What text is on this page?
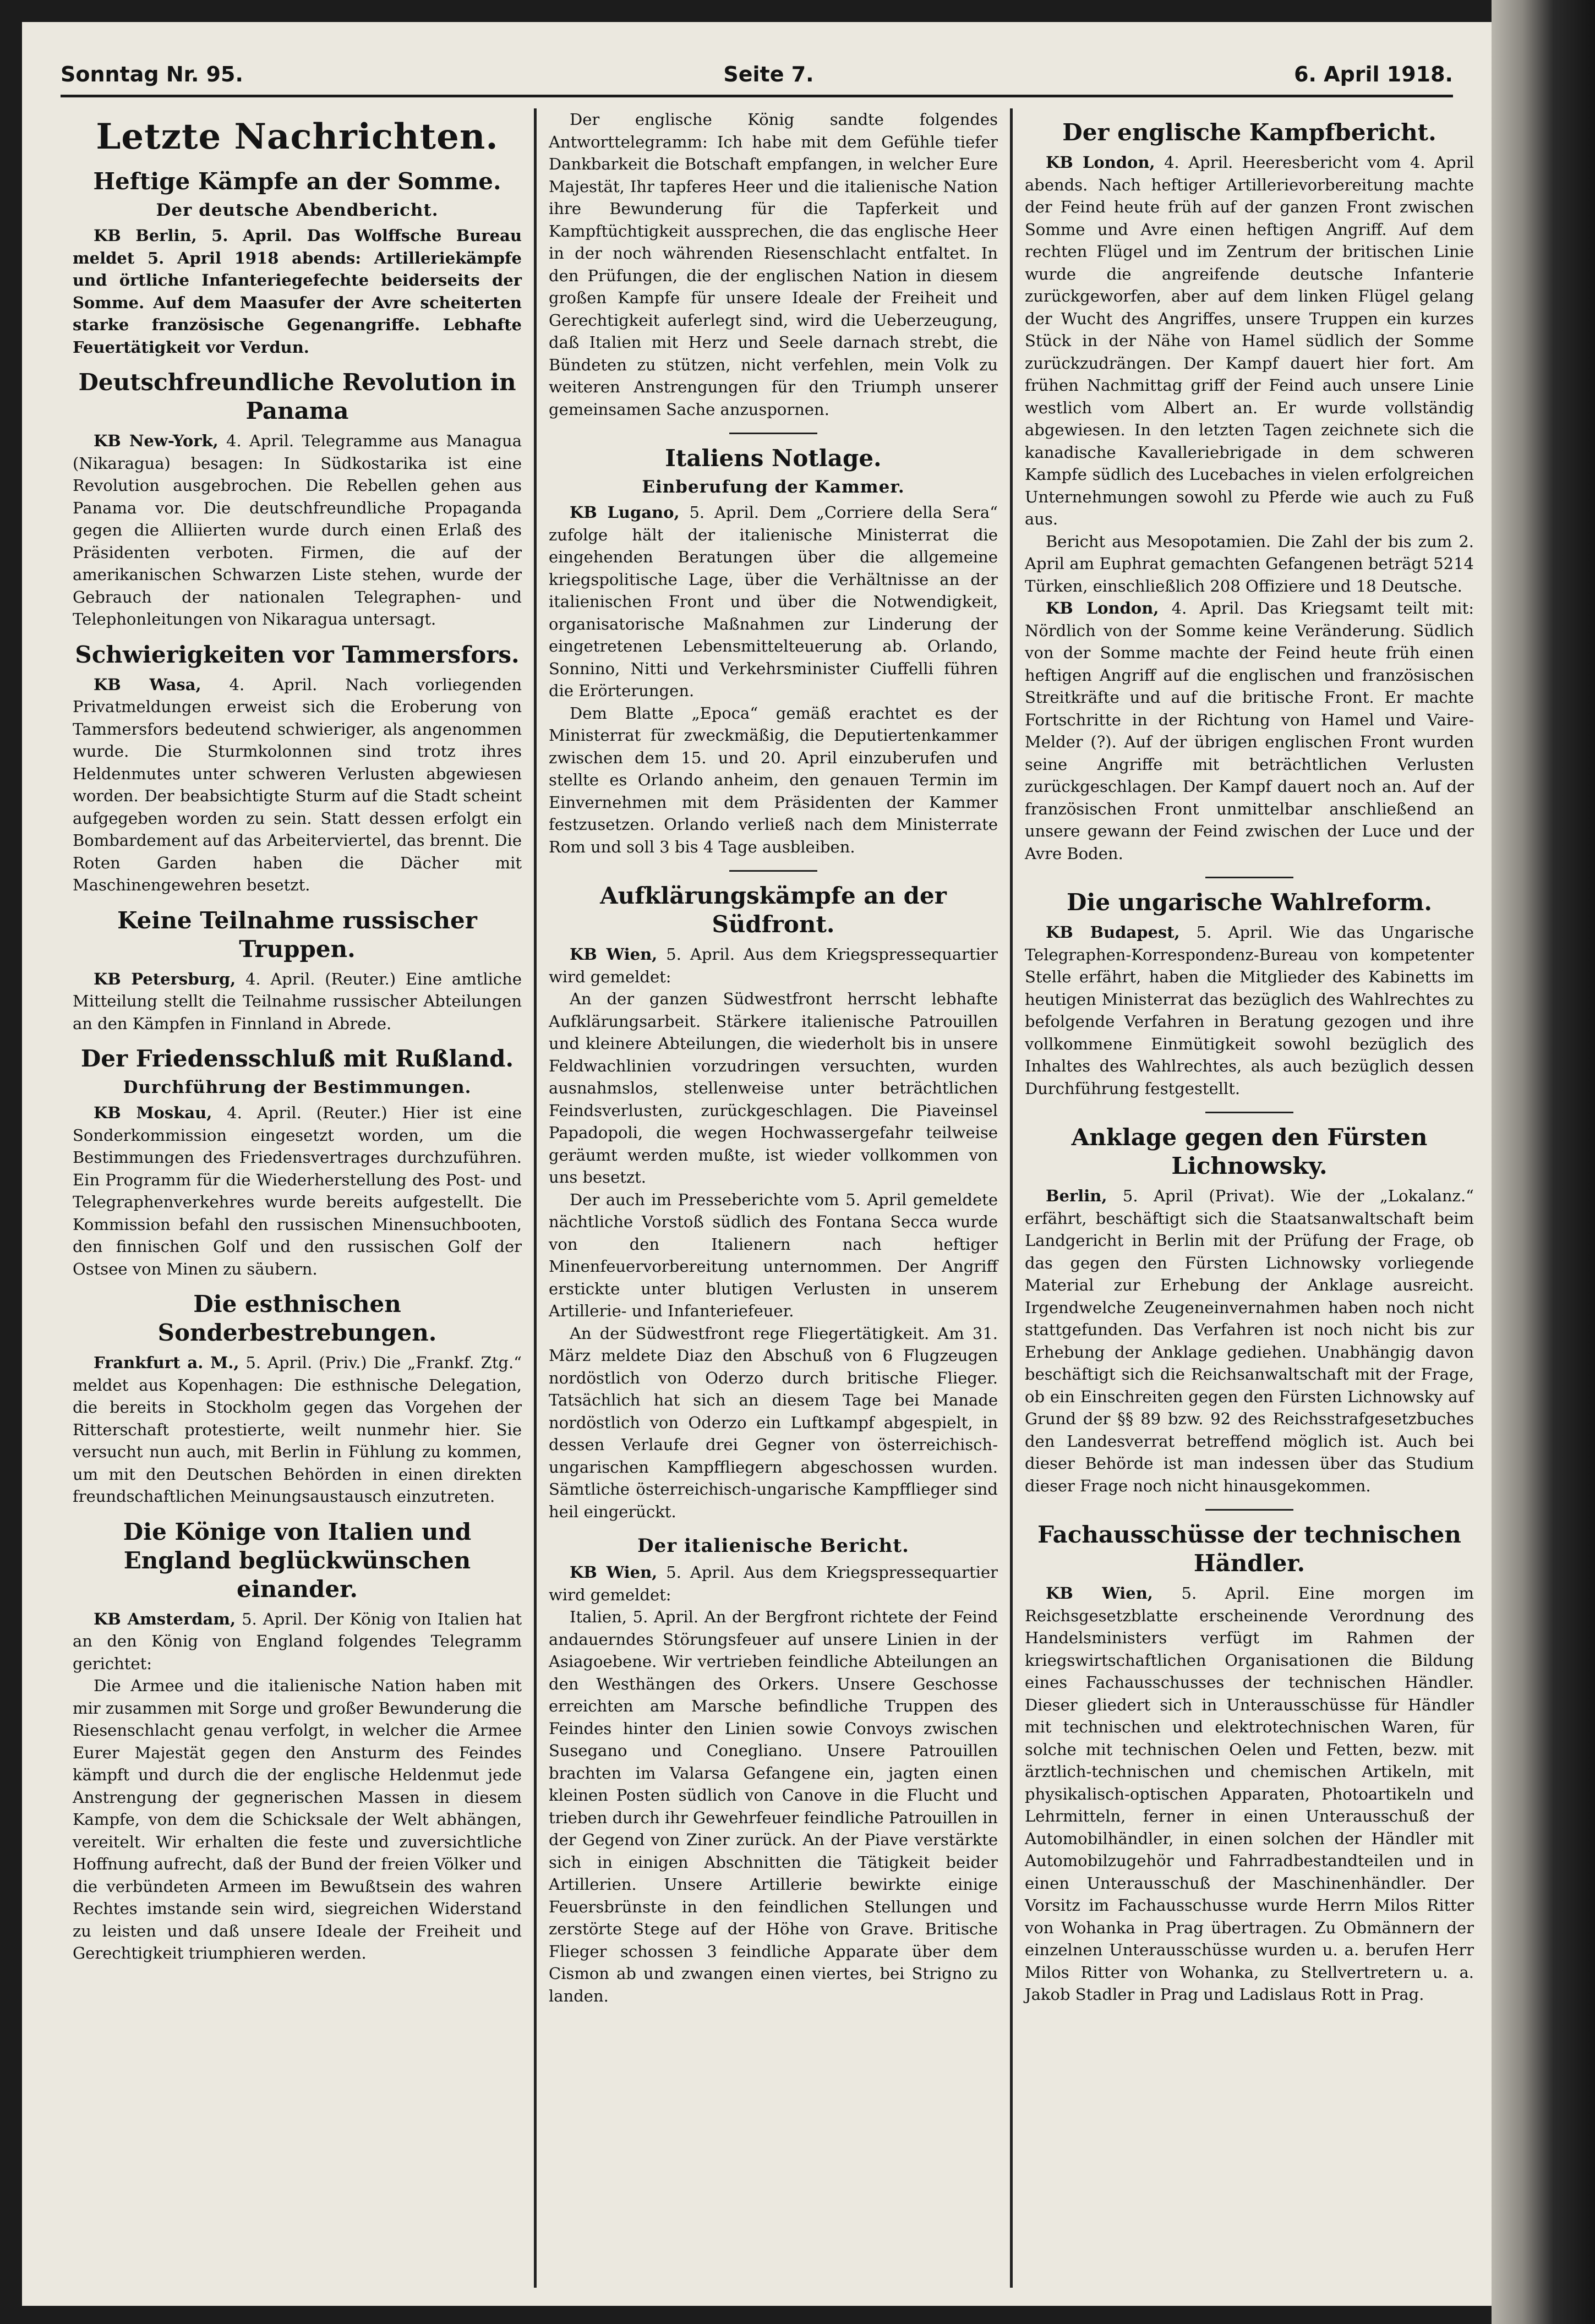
Sonntag Nr. 95.	Seite 7.	6. April 1918.
Letzte Nachrichten.
Heftige Kämpfe an der Somme.
Der deutsche Abendbericht.

KB Berlin, 5. April. Das Wolffsche Bureau meldet 5. April 1918 abends: Artilleriekämpfe und örtliche Infanteriegefechte beiderseits der Somme. Auf dem Maasufer der Avre scheiterten starke französische Gegenangriffe. Lebhafte Feuertätigkeit vor Verdun.

Deutschfreundliche Revolution in Panama

KB New-York, 4. April. Telegramme aus Managua (Nikaragua) besagen: In Südkostarika ist eine Revolution ausgebrochen. Die Rebellen gehen aus Panama vor. Die deutschfreundliche Propaganda gegen die Alliierten wurde durch einen Erlaß des Präsidenten verboten. Firmen, die auf der amerikanischen Schwarzen Liste stehen, wurde der Gebrauch der nationalen Telegraphen- und Telephonleitungen von Nikaragua untersagt.

Schwierigkeiten vor Tammersfors.

KB Wasa, 4. April. Nach vorliegenden Privatmeldungen erweist sich die Eroberung von Tammersfors bedeutend schwieriger, als angenommen wurde. Die Sturmkolonnen sind trotz ihres Heldenmutes unter schweren Verlusten abgewiesen worden. Der beabsichtigte Sturm auf die Stadt scheint aufgegeben worden zu sein. Statt dessen erfolgt ein Bombardement auf das Arbeiterviertel, das brennt. Die Roten Garden haben die Dächer mit Maschinengewehren besetzt.

Keine Teilnahme russischer Truppen.

KB Petersburg, 4. April. (Reuter.) Eine amtliche Mitteilung stellt die Teilnahme russischer Abteilungen an den Kämpfen in Finnland in Abrede.

Der Friedensschluß mit Rußland.
Durchführung der Bestimmungen.

KB Moskau, 4. April. (Reuter.) Hier ist eine Sonderkommission eingesetzt worden, um die Bestimmungen des Friedensvertrages durchzuführen. Ein Programm für die Wiederherstellung des Post- und Telegraphenverkehres wurde bereits aufgestellt. Die Kommission befahl den russischen Minensuchbooten, den finnischen Golf und den russischen Golf der Ostsee von Minen zu säubern.

Die esthnischen Sonderbestrebungen.

Frankfurt a. M., 5. April. (Priv.) Die „Frankf. Ztg.“ meldet aus Kopenhagen: Die esthnische Delegation, die bereits in Stockholm gegen das Vorgehen der Ritterschaft protestierte, weilt nunmehr hier. Sie versucht nun auch, mit Berlin in Fühlung zu kommen, um mit den Deutschen Behörden in einen direkten freundschaftlichen Meinungsaustausch einzutreten.

Die Könige von Italien und England beglückwünschen einander.

KB Amsterdam, 5. April. Der König von Italien hat an den König von England folgendes Telegramm gerichtet:

Die Armee und die italienische Nation haben mit mir zusammen mit Sorge und großer Bewunderung die Riesenschlacht genau verfolgt, in welcher die Armee Eurer Majestät gegen den Ansturm des Feindes kämpft und durch die der englische Heldenmut jede Anstrengung der gegnerischen Massen in diesem Kampfe, von dem die Schicksale der Welt abhängen, vereitelt. Wir erhalten die feste und zuversichtliche Hoffnung aufrecht, daß der Bund der freien Völker und die verbündeten Armeen im Bewußtsein des wahren Rechtes imstande sein wird, siegreichen Widerstand zu leisten und daß unsere Ideale der Freiheit und Gerechtigkeit triumphieren werden.

Der englische König sandte folgendes Antworttelegramm: Ich habe mit dem Gefühle tiefer Dankbarkeit die Botschaft empfangen, in welcher Eure Majestät, Ihr tapferes Heer und die italienische Nation ihre Bewunderung für die Tapferkeit und Kampftüchtigkeit aussprechen, die das englische Heer in der noch währenden Riesenschlacht entfaltet. In den Prüfungen, die der englischen Nation in diesem großen Kampfe für unsere Ideale der Freiheit und Gerechtigkeit auferlegt sind, wird die Ueberzeugung, daß Italien mit Herz und Seele darnach strebt, die Bündeten zu stützen, nicht verfehlen, mein Volk zu weiteren Anstrengungen für den Triumph unserer gemeinsamen Sache anzuspornen.

Italiens Notlage.
Einberufung der Kammer.

KB Lugano, 5. April. Dem „Corriere della Sera“ zufolge hält der italienische Ministerrat die eingehenden Beratungen über die allgemeine kriegspolitische Lage, über die Verhältnisse an der italienischen Front und über die Notwendigkeit, organisatorische Maßnahmen zur Linderung der eingetretenen Lebensmittelteuerung ab. Orlando, Sonnino, Nitti und Verkehrsminister Ciuffelli führen die Erörterungen.

Dem Blatte „Epoca“ gemäß erachtet es der Ministerrat für zweckmäßig, die Deputiertenkammer zwischen dem 15. und 20. April einzuberufen und stellte es Orlando anheim, den genauen Termin im Einvernehmen mit dem Präsidenten der Kammer festzusetzen. Orlando verließ nach dem Ministerrate Rom und soll 3 bis 4 Tage ausbleiben.

Aufklärungskämpfe an der Südfront.

KB Wien, 5. April. Aus dem Kriegspressequartier wird gemeldet:

An der ganzen Südwestfront herrscht lebhafte Aufklärungsarbeit. Stärkere italienische Patrouillen und kleinere Abteilungen, die wiederholt bis in unsere Feldwachlinien vorzudringen versuchten, wurden ausnahmslos, stellenweise unter beträchtlichen Feindsverlusten, zurückgeschlagen. Die Piaveinsel Papadopoli, die wegen Hochwassergefahr teilweise geräumt werden mußte, ist wieder vollkommen von uns besetzt.

Der auch im Presseberichte vom 5. April gemeldete nächtliche Vorstoß südlich des Fontana Secca wurde von den Italienern nach heftiger Minenfeuervorbereitung unternommen. Der Angriff erstickte unter blutigen Verlusten in unserem Artillerie- und Infanteriefeuer.

An der Südwestfront rege Fliegertätigkeit. Am 31. März meldete Diaz den Abschuß von 6 Flugzeugen nordöstlich von Oderzo durch britische Flieger. Tatsächlich hat sich an diesem Tage bei Manade nordöstlich von Oderzo ein Luftkampf abgespielt, in dessen Verlaufe drei Gegner von österreichisch-ungarischen Kampffliegern abgeschossen wurden. Sämtliche österreichisch-ungarische Kampfflieger sind heil eingerückt.

Der italienische Bericht.

KB Wien, 5. April. Aus dem Kriegspressequartier wird gemeldet:

Italien, 5. April. An der Bergfront richtete der Feind andauerndes Störungsfeuer auf unsere Linien in der Asiagoebene. Wir vertrieben feindliche Abteilungen an den Westhängen des Orkers. Unsere Geschosse erreichten am Marsche befindliche Truppen des Feindes hinter den Linien sowie Convoys zwischen Susegano und Conegliano. Unsere Patrouillen brachten im Valarsa Gefangene ein, jagten einen kleinen Posten südlich von Canove in die Flucht und trieben durch ihr Gewehrfeuer feindliche Patrouillen in der Gegend von Ziner zurück. An der Piave verstärkte sich in einigen Abschnitten die Tätigkeit beider Artillerien. Unsere Artillerie bewirkte einige Feuersbrünste in den feindlichen Stellungen und zerstörte Stege auf der Höhe von Grave. Britische Flieger schossen 3 feindliche Apparate über dem Cismon ab und zwangen einen viertes, bei Strigno zu landen.

Der englische Kampfbericht.

KB London, 4. April. Heeresbericht vom 4. April abends. Nach heftiger Artillerievorbereitung machte der Feind heute früh auf der ganzen Front zwischen Somme und Avre einen heftigen Angriff. Auf dem rechten Flügel und im Zentrum der britischen Linie wurde die angreifende deutsche Infanterie zurückgeworfen, aber auf dem linken Flügel gelang der Wucht des Angriffes, unsere Truppen ein kurzes Stück in der Nähe von Hamel südlich der Somme zurückzudrängen. Der Kampf dauert hier fort. Am frühen Nachmittag griff der Feind auch unsere Linie westlich vom Albert an. Er wurde vollständig abgewiesen. In den letzten Tagen zeichnete sich die kanadische Kavalleriebrigade in dem schweren Kampfe südlich des Lucebaches in vielen erfolgreichen Unternehmungen sowohl zu Pferde wie auch zu Fuß aus.

Bericht aus Mesopotamien. Die Zahl der bis zum 2. April am Euphrat gemachten Gefangenen beträgt 5214 Türken, einschließlich 208 Offiziere und 18 Deutsche.

KB London, 4. April. Das Kriegsamt teilt mit: Nördlich von der Somme keine Veränderung. Südlich von der Somme machte der Feind heute früh einen heftigen Angriff auf die englischen und französischen Streitkräfte und auf die britische Front. Er machte Fortschritte in der Richtung von Hamel und Vaire-Melder (?). Auf der übrigen englischen Front wurden seine Angriffe mit beträchtlichen Verlusten zurückgeschlagen. Der Kampf dauert noch an. Auf der französischen Front unmittelbar anschließend an unsere gewann der Feind zwischen der Luce und der Avre Boden.

Die ungarische Wahlreform.

KB Budapest, 5. April. Wie das Ungarische Telegraphen-Korrespondenz-Bureau von kompetenter Stelle erfährt, haben die Mitglieder des Kabinetts im heutigen Ministerrat das bezüglich des Wahlrechtes zu befolgende Verfahren in Beratung gezogen und ihre vollkommene Einmütigkeit sowohl bezüglich des Inhaltes des Wahlrechtes, als auch bezüglich dessen Durchführung festgestellt.

Anklage gegen den Fürsten Lichnowsky.

Berlin, 5. April (Privat). Wie der „Lokalanz.“ erfährt, beschäftigt sich die Staatsanwaltschaft beim Landgericht in Berlin mit der Prüfung der Frage, ob das gegen den Fürsten Lichnowsky vorliegende Material zur Erhebung der Anklage ausreicht. Irgendwelche Zeugeneinvernahmen haben noch nicht stattgefunden. Das Verfahren ist noch nicht bis zur Erhebung der Anklage gediehen. Unabhängig davon beschäftigt sich die Reichsanwaltschaft mit der Frage, ob ein Einschreiten gegen den Fürsten Lichnowsky auf Grund der §§ 89 bzw. 92 des Reichsstrafgesetzbuches den Landesverrat betreffend möglich ist. Auch bei dieser Behörde ist man indessen über das Studium dieser Frage noch nicht hinausgekommen.

Fachausschüsse der technischen Händler.

KB Wien, 5. April. Eine morgen im Reichsgesetzblatte erscheinende Verordnung des Handelsministers verfügt im Rahmen der kriegswirtschaftlichen Organisationen die Bildung eines Fachausschusses der technischen Händler. Dieser gliedert sich in Unterausschüsse für Händler mit technischen und elektrotechnischen Waren, für solche mit technischen Oelen und Fetten, bezw. mit ärztlich-technischen und chemischen Artikeln, mit physikalisch-optischen Apparaten, Photoartikeln und Lehrmitteln, ferner in einen Unterausschuß der Automobilhändler, in einen solchen der Händler mit Automobilzugehör und Fahrradbestandteilen und in einen Unterausschuß der Maschinenhändler. Der Vorsitz im Fachausschusse wurde Herrn Milos Ritter von Wohanka in Prag übertragen. Zu Obmännern der einzelnen Unterausschüsse wurden u. a. berufen Herr Milos Ritter von Wohanka, zu Stellvertretern u. a. Jakob Stadler in Prag und Ladislaus Rott in Prag.
